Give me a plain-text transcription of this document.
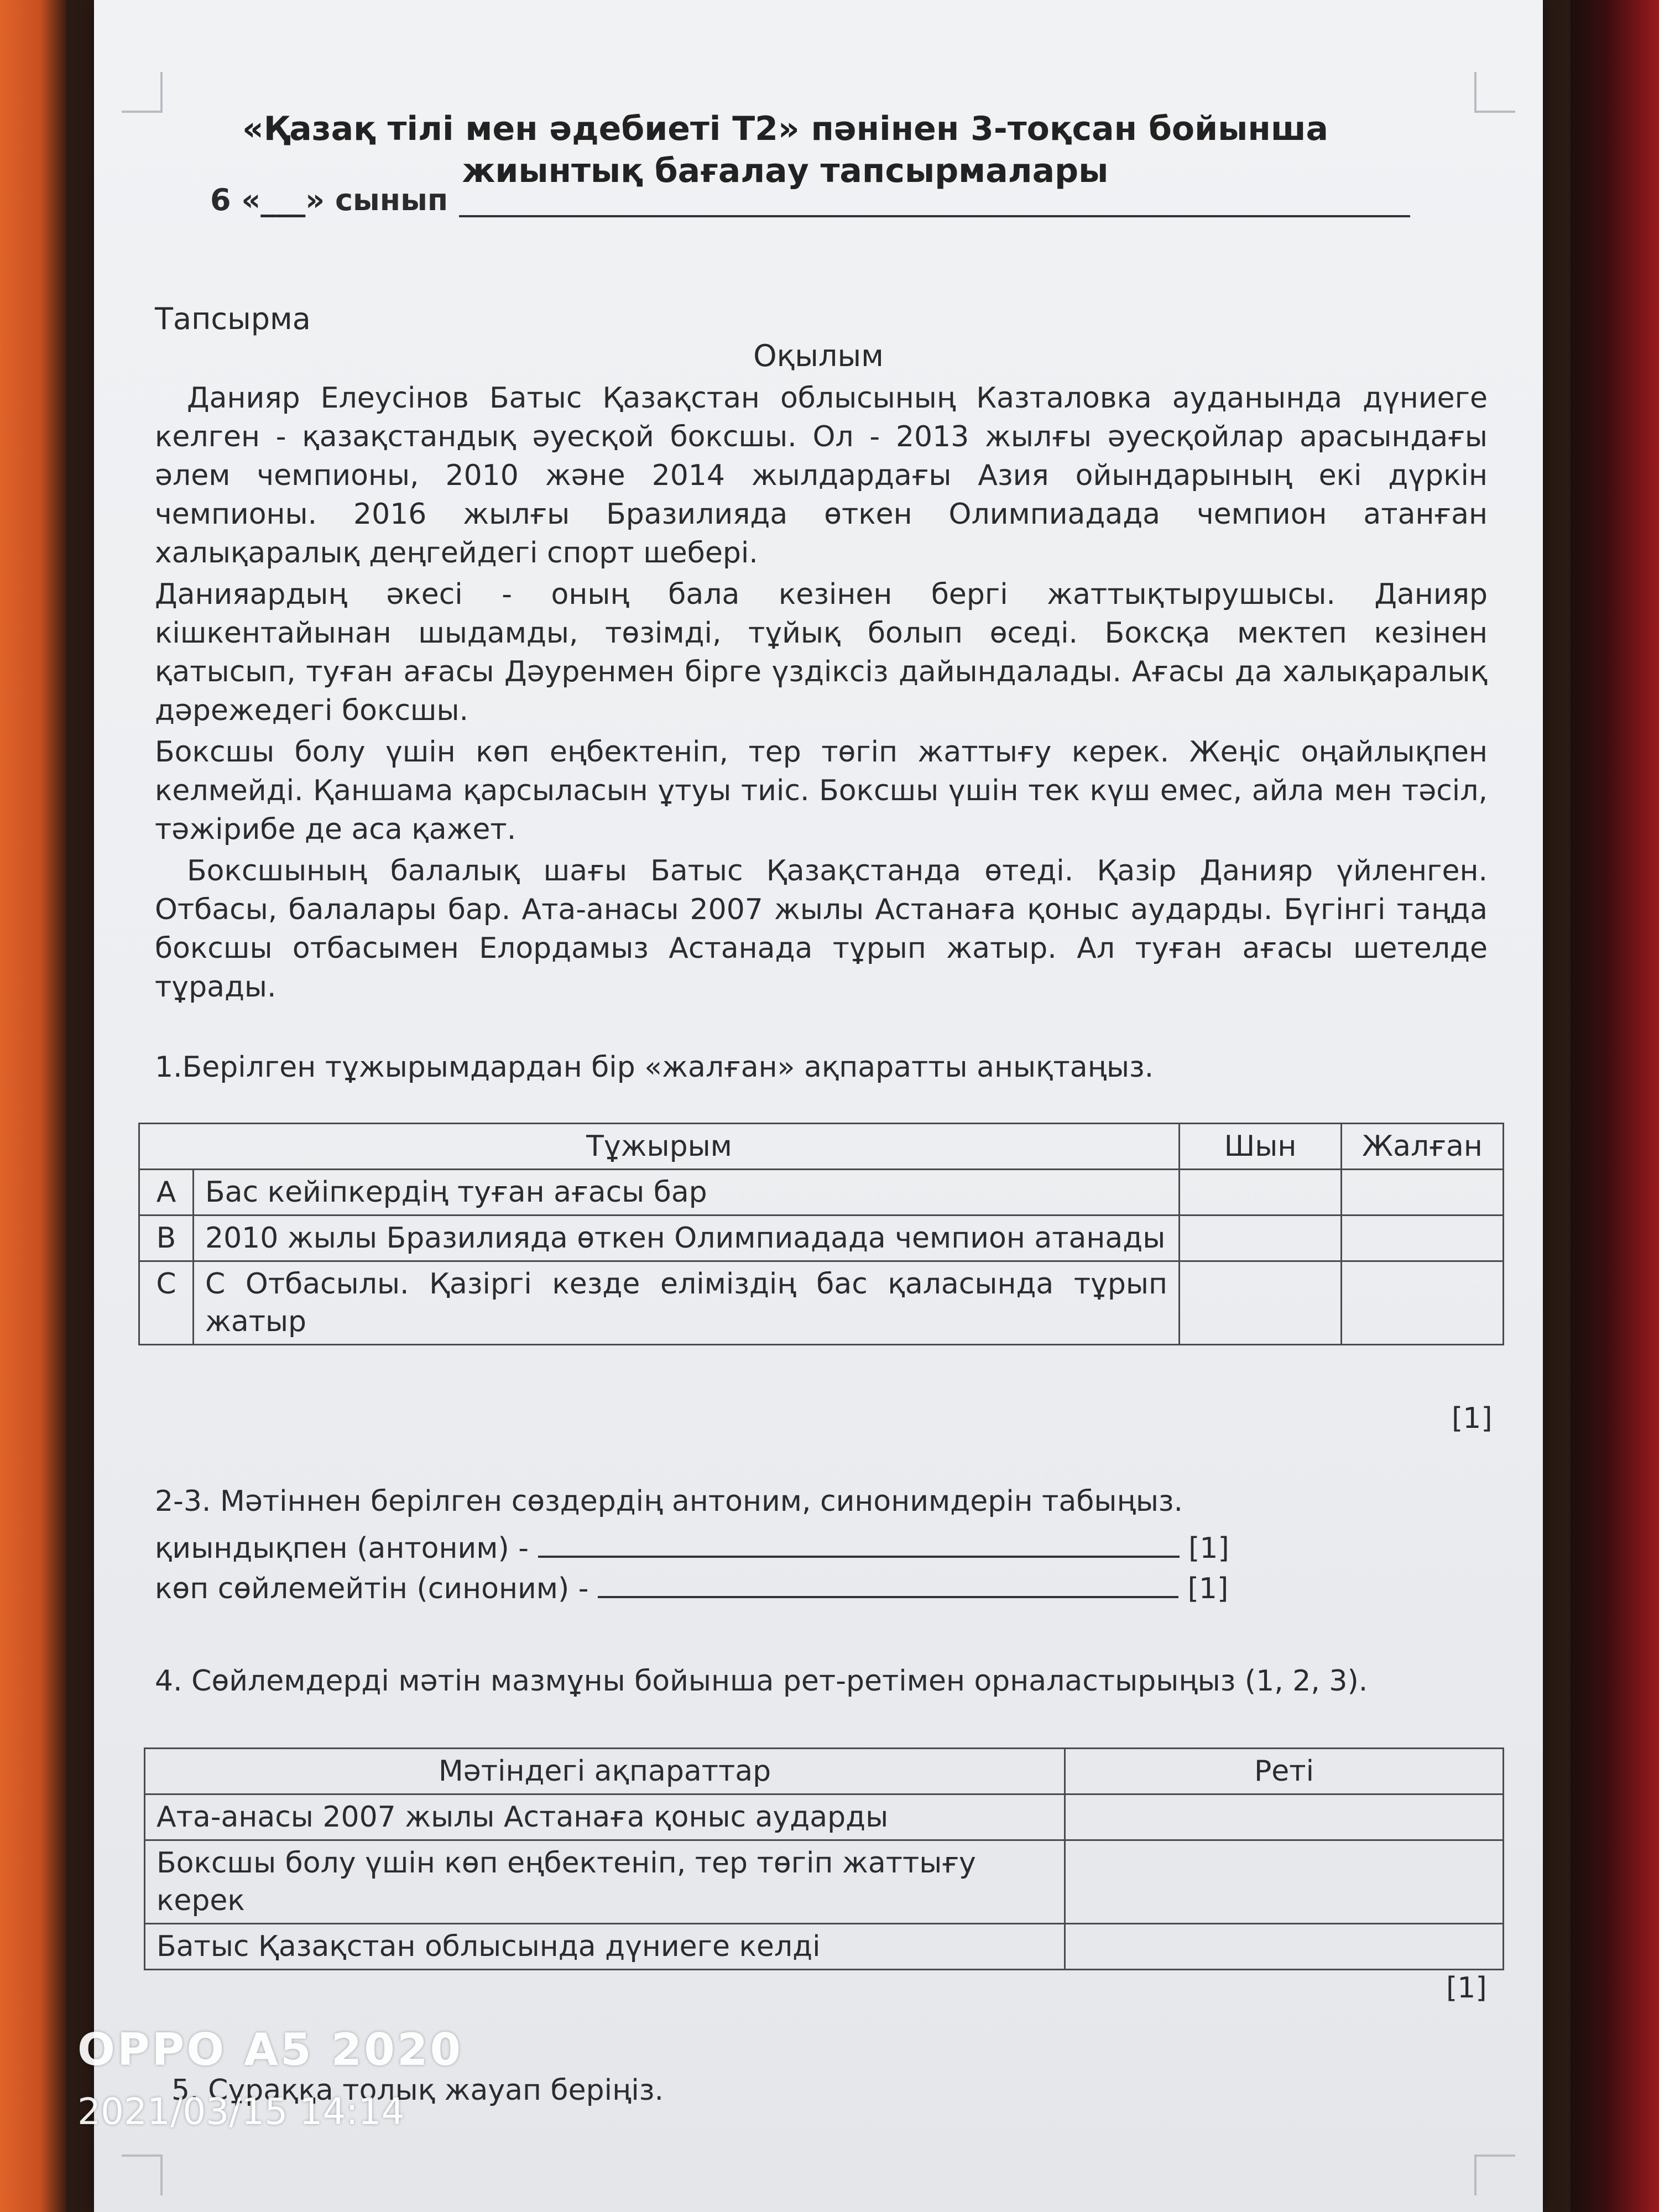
«Қазақ тілі мен әдебиеті Т2» пәнінен 3-тоқсан бойынша жиынтық бағалау тапсырмалары
6 «___» сынып
Тапсырма
Оқылым

Данияр Елеусінов Батыс Қазақстан облысының Казталовка ауданында дүниеге келген - қазақстандық әуесқой боксшы. Ол - 2013 жылғы әуесқойлар арасындағы әлем чемпионы, 2010 және 2014 жылдардағы Азия ойындарының екі дүркін чемпионы. 2016 жылғы Бразилияда өткен Олимпиадада чемпион атанған халықаралық деңгейдегі спорт шебері.

Данияардың әкесі - оның бала кезінен бергі жаттықтырушысы. Данияр кішкентайынан шыдамды, төзімді, тұйық болып өседі. Боксқа мектеп кезінен қатысып, туған ағасы Дәуренмен бірге үздіксіз дайындалады. Ағасы да халықаралық дәрежедегі боксшы.

Боксшы болу үшін көп еңбектеніп, тер төгіп жаттығу керек. Жеңіс оңайлықпен келмейді. Қаншама қарсыласын ұтуы тиіс. Боксшы үшін тек күш емес, айла мен тәсіл, тәжірибе де аса қажет.

Боксшының балалық шағы Батыс Қазақстанда өтеді. Қазір Данияр үйленген. Отбасы, балалары бар. Ата-анасы 2007 жылы Астанаға қоныс аударды. Бүгінгі таңда боксшы отбасымен Елордамыз Астанада тұрып жатыр. Ал туған ағасы шетелде тұрады.

1.Берілген тұжырымдардан бір «жалған» ақпаратты анықтаңыз.

Тұжырым		Шын	Жалған
A	Бас кейіпкердің туған ағасы бар		
B	2010 жылы Бразилияда өткен Олимпиадада чемпион атанады		
C	С Отбасылы. Қазіргі кезде еліміздің бас қаласында тұрып жатыр		
[1]

2-3. Мәтіннен берілген сөздердің антоним, синонимдерін табыңыз.

қиындықпен (антоним) -	[1]
көп сөйлемейтін (синоним) -	[1]

4. Сөйлемдерді мәтін мазмұны бойынша рет-ретімен орналастырыңыз (1, 2, 3).

Мәтіндегі ақпараттар	Реті
Ата-анасы 2007 жылы Астанаға қоныс аударды	
Боксшы болу үшін көп еңбектеніп, тер төгіп жаттығу керек	
Батыс Қазақстан облысында дүниеге келді	
[1]

5. Сұраққа толық жауап беріңіз.

OPPO A5 2020
2021/03/15 14:14
